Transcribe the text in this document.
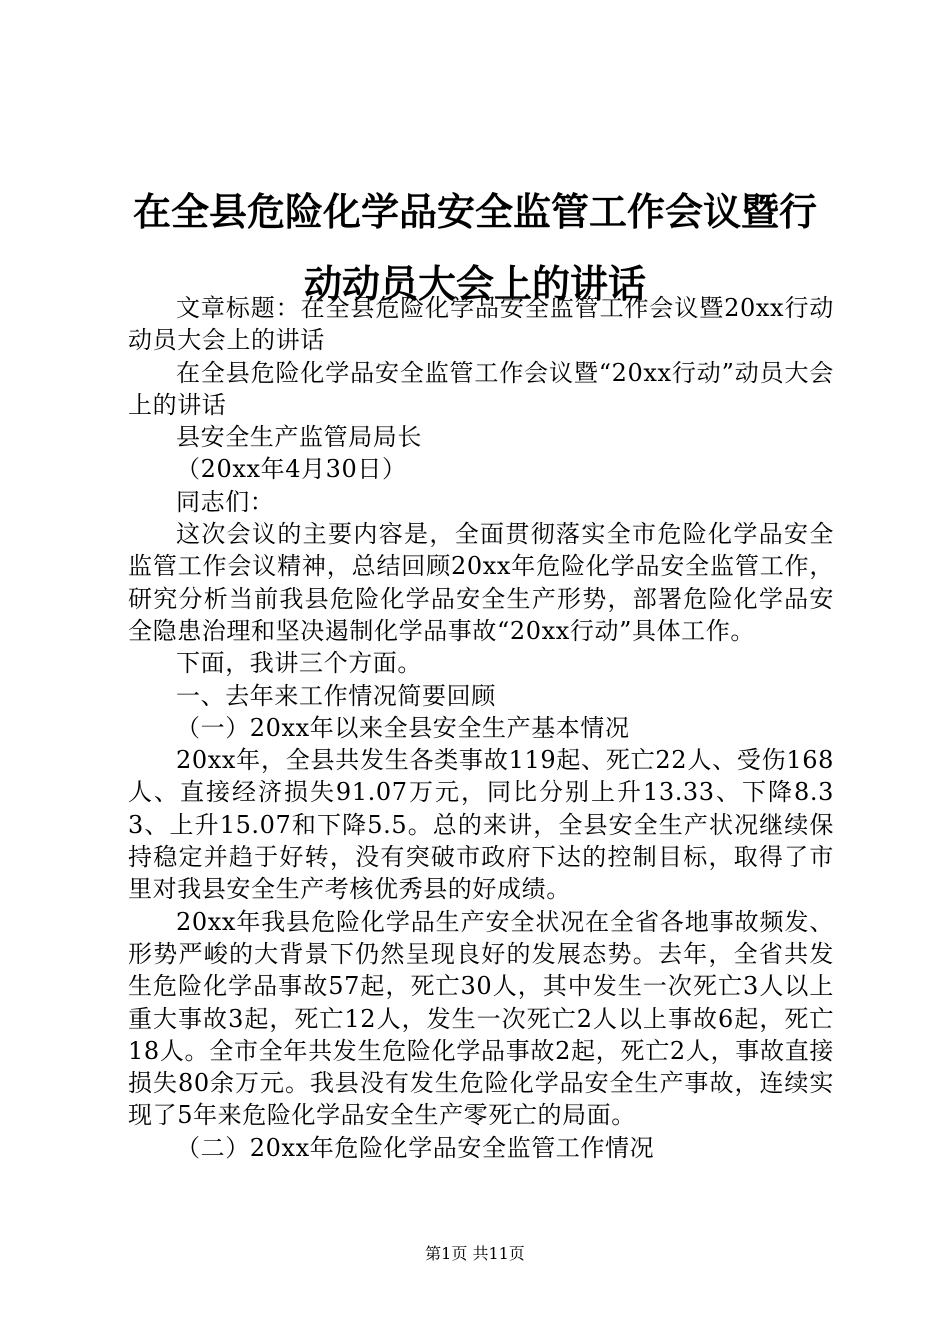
在全县危险化学品安全监管工作会议暨行动动员大会上的讲话

文章标题：在全县危险化学品安全监管工作会议暨20xx行动动员大会上的讲话

在全县危险化学品安全监管工作会议暨“20xx行动”动员大会上的讲话

县安全生产监管局局长

（20xx年4月30日）

同志们：

这次会议的主要内容是，全面贯彻落实全市危险化学品安全监管工作会议精神，总结回顾20xx年危险化学品安全监管工作，研究分析当前我县危险化学品安全生产形势，部署危险化学品安全隐患治理和坚决遏制化学品事故“20xx行动”具体工作。

下面，我讲三个方面。

一、去年来工作情况简要回顾

（一）20xx年以来全县安全生产基本情况

20xx年，全县共发生各类事故119起、死亡22人、受伤168人、直接经济损失91.07万元，同比分别上升13.33、下降8.33、上升15.07和下降5.5。总的来讲，全县安全生产状况继续保持稳定并趋于好转，没有突破市政府下达的控制目标，取得了市里对我县安全生产考核优秀县的好成绩。

20xx年我县危险化学品生产安全状况在全省各地事故频发、形势严峻的大背景下仍然呈现良好的发展态势。去年，全省共发生危险化学品事故57起，死亡30人，其中发生一次死亡3人以上重大事故3起，死亡12人，发生一次死亡2人以上事故6起，死亡18人。全市全年共发生危险化学品事故2起，死亡2人，事故直接损失80余万元。我县没有发生危险化学品安全生产事故，连续实现了5年来危险化学品安全生产零死亡的局面。

（二）20xx年危险化学品安全监管工作情况

第1页 共11页
